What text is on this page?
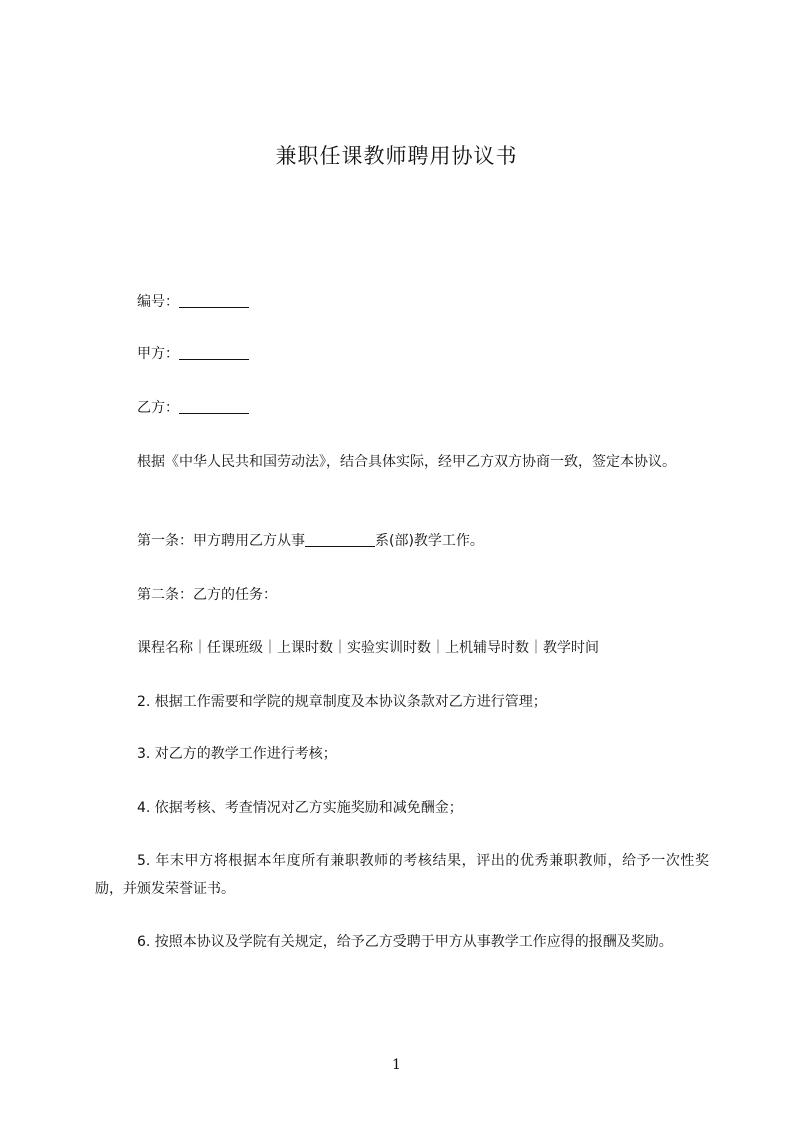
兼职任课教师聘用协议书
编号：
甲方：
乙方：
根据《中华人民共和国劳动法》，结合具体实际，经甲乙方双方协商一致，签定本协议。
第一条：甲方聘用乙方从事	系(部)教学工作。
第二条：乙方的任务：
课程名称｜任课班级｜上课时数｜实验实训时数｜上机辅导时数｜教学时间
2. 根据工作需要和学院的规章制度及本协议条款对乙方进行管理；
3. 对乙方的教学工作进行考核；
4. 依据考核、考查情况对乙方实施奖励和减免酬金；
5. 年末甲方将根据本年度所有兼职教师的考核结果，评出的优秀兼职教师，给予一次性奖励，并颁发荣誉证书。
6. 按照本协议及学院有关规定，给予乙方受聘于甲方从事教学工作应得的报酬及奖励。
1
